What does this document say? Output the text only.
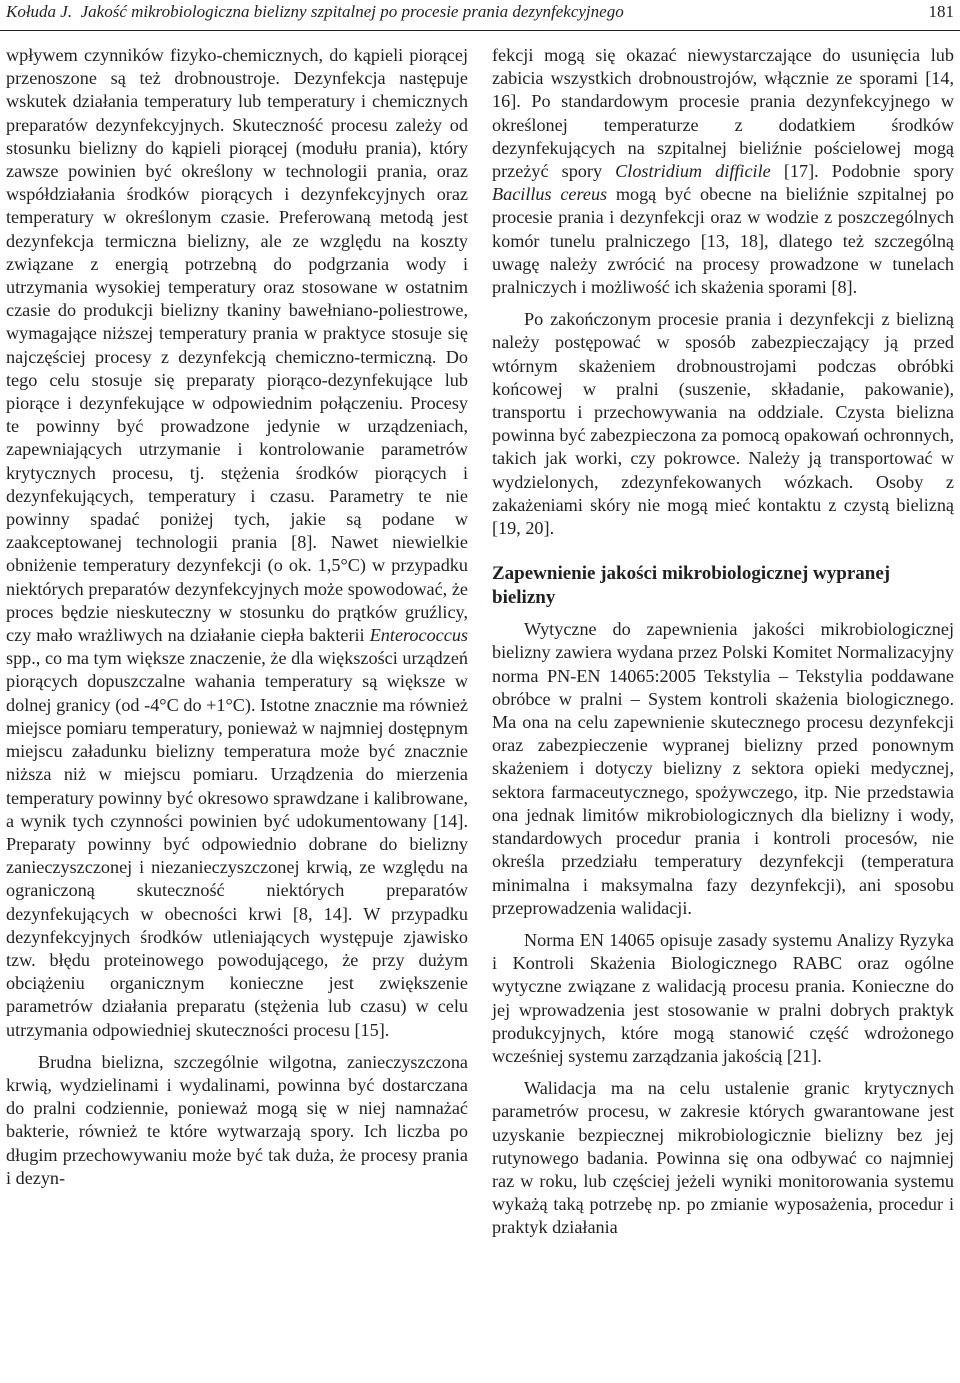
Kołuda J. Jakość mikrobiologiczna bielizny szpitalnej po procesie prania dezynfekcyjnego	181

wpływem czynników fizyko-chemicznych, do kąpieli piorącej przenoszone są też drobnoustroje. Dezynfekcja następuje wskutek działania temperatury lub temperatury i chemicznych preparatów dezynfekcyjnych. Skuteczność procesu zależy od stosunku bielizny do kąpieli piorącej (modułu prania), który zawsze powinien być określony w technologii prania, oraz współdziałania środków piorących i dezynfekcyjnych oraz temperatury w określonym czasie. Preferowaną metodą jest dezynfekcja termiczna bielizny, ale ze względu na koszty związane z energią potrzebną do podgrzania wody i utrzymania wysokiej temperatury oraz stosowane w ostatnim czasie do produkcji bielizny tkaniny bawełniano-poliestrowe, wymagające niższej temperatury prania w praktyce stosuje się najczęściej procesy z dezynfekcją chemiczno-termiczną. Do tego celu stosuje się preparaty piorąco-dezynfekujące lub piorące i dezynfekujące w odpowiednim połączeniu. Procesy te powinny być prowadzone jedynie w urządzeniach, zapewniających utrzymanie i kontrolowanie parametrów krytycznych procesu, tj. stężenia środków piorących i dezynfekujących, temperatury i czasu. Parametry te nie powinny spadać poniżej tych, jakie są podane w zaakceptowanej technologii prania [8]. Nawet niewielkie obniżenie temperatury dezynfekcji (o ok. 1,5°C) w przypadku niektórych preparatów dezynfekcyjnych może spowodować, że proces będzie nieskuteczny w stosunku do prątków gruźlicy, czy mało wrażliwych na działanie ciepła bakterii Enterococcus spp., co ma tym większe znaczenie, że dla większości urządzeń piorących dopuszczalne wahania temperatury są większe w dolnej granicy (od -4°C do +1°C). Istotne znacznie ma również miejsce pomiaru temperatury, ponieważ w najmniej dostępnym miejscu załadunku bielizny temperatura może być znacznie niższa niż w miejscu pomiaru. Urządzenia do mierzenia temperatury powinny być okresowo sprawdzane i kalibrowane, a wynik tych czynności powinien być udokumentowany [14]. Preparaty powinny być odpowiednio dobrane do bielizny zanieczyszczonej i niezanieczyszczonej krwią, ze względu na ograniczoną skuteczność niektórych preparatów dezynfekujących w obecności krwi [8, 14]. W przypadku dezynfekcyjnych środków utleniających występuje zjawisko tzw. błędu proteinowego powodującego, że przy dużym obciążeniu organicznym konieczne jest zwiększenie parametrów działania preparatu (stężenia lub czasu) w celu utrzymania odpowiedniej skuteczności procesu [15].

Brudna bielizna, szczególnie wilgotna, zanieczyszczona krwią, wydzielinami i wydalinami, powinna być dostarczana do pralni codziennie, ponieważ mogą się w niej namnażać bakterie, również te które wytwarzają spory. Ich liczba po długim przechowywaniu może być tak duża, że procesy prania i dezyn-

fekcji mogą się okazać niewystarczające do usunięcia lub zabicia wszystkich drobnoustrojów, włącznie ze sporami [14, 16]. Po standardowym procesie prania dezynfekcyjnego w określonej temperaturze z dodatkiem środków dezynfekujących na szpitalnej bieliźnie pościelowej mogą przeżyć spory Clostridium difficile [17]. Podobnie spory Bacillus cereus mogą być obecne na bieliźnie szpitalnej po procesie prania i dezynfekcji oraz w wodzie z poszczególnych komór tunelu pralniczego [13, 18], dlatego też szczególną uwagę należy zwrócić na procesy prowadzone w tunelach pralniczych i możliwość ich skażenia sporami [8].

Po zakończonym procesie prania i dezynfekcji z bielizną należy postępować w sposób zabezpieczający ją przed wtórnym skażeniem drobnoustrojami podczas obróbki końcowej w pralni (suszenie, składanie, pakowanie), transportu i przechowywania na oddziale. Czysta bielizna powinna być zabezpieczona za pomocą opakowań ochronnych, takich jak worki, czy pokrowce. Należy ją transportować w wydzielonych, zdezynfekowanych wózkach. Osoby z zakażeniami skóry nie mogą mieć kontaktu z czystą bielizną [19, 20].

Zapewnienie jakości mikrobiologicznej wypranej bielizny

Wytyczne do zapewnienia jakości mikrobiologicznej bielizny zawiera wydana przez Polski Komitet Normalizacyjny norma PN-EN 14065:2005 Tekstylia – Tekstylia poddawane obróbce w pralni – System kontroli skażenia biologicznego. Ma ona na celu zapewnienie skutecznego procesu dezynfekcji oraz zabezpieczenie wypranej bielizny przed ponownym skażeniem i dotyczy bielizny z sektora opieki medycznej, sektora farmaceutycznego, spożywczego, itp. Nie przedstawia ona jednak limitów mikrobiologicznych dla bielizny i wody, standardowych procedur prania i kontroli procesów, nie określa przedziału temperatury dezynfekcji (temperatura minimalna i maksymalna fazy dezynfekcji), ani sposobu przeprowadzenia walidacji.

Norma EN 14065 opisuje zasady systemu Analizy Ryzyka i Kontroli Skażenia Biologicznego RABC oraz ogólne wytyczne związane z walidacją procesu prania. Konieczne do jej wprowadzenia jest stosowanie w pralni dobrych praktyk produkcyjnych, które mogą stanowić część wdrożonego wcześniej systemu zarządzania jakością [21].

Walidacja ma na celu ustalenie granic krytycznych parametrów procesu, w zakresie których gwarantowane jest uzyskanie bezpiecznej mikrobiologicznie bielizny bez jej rutynowego badania. Powinna się ona odbywać co najmniej raz w roku, lub częściej jeżeli wyniki monitorowania systemu wykażą taką potrzebę np. po zmianie wyposażenia, procedur i praktyk działania
